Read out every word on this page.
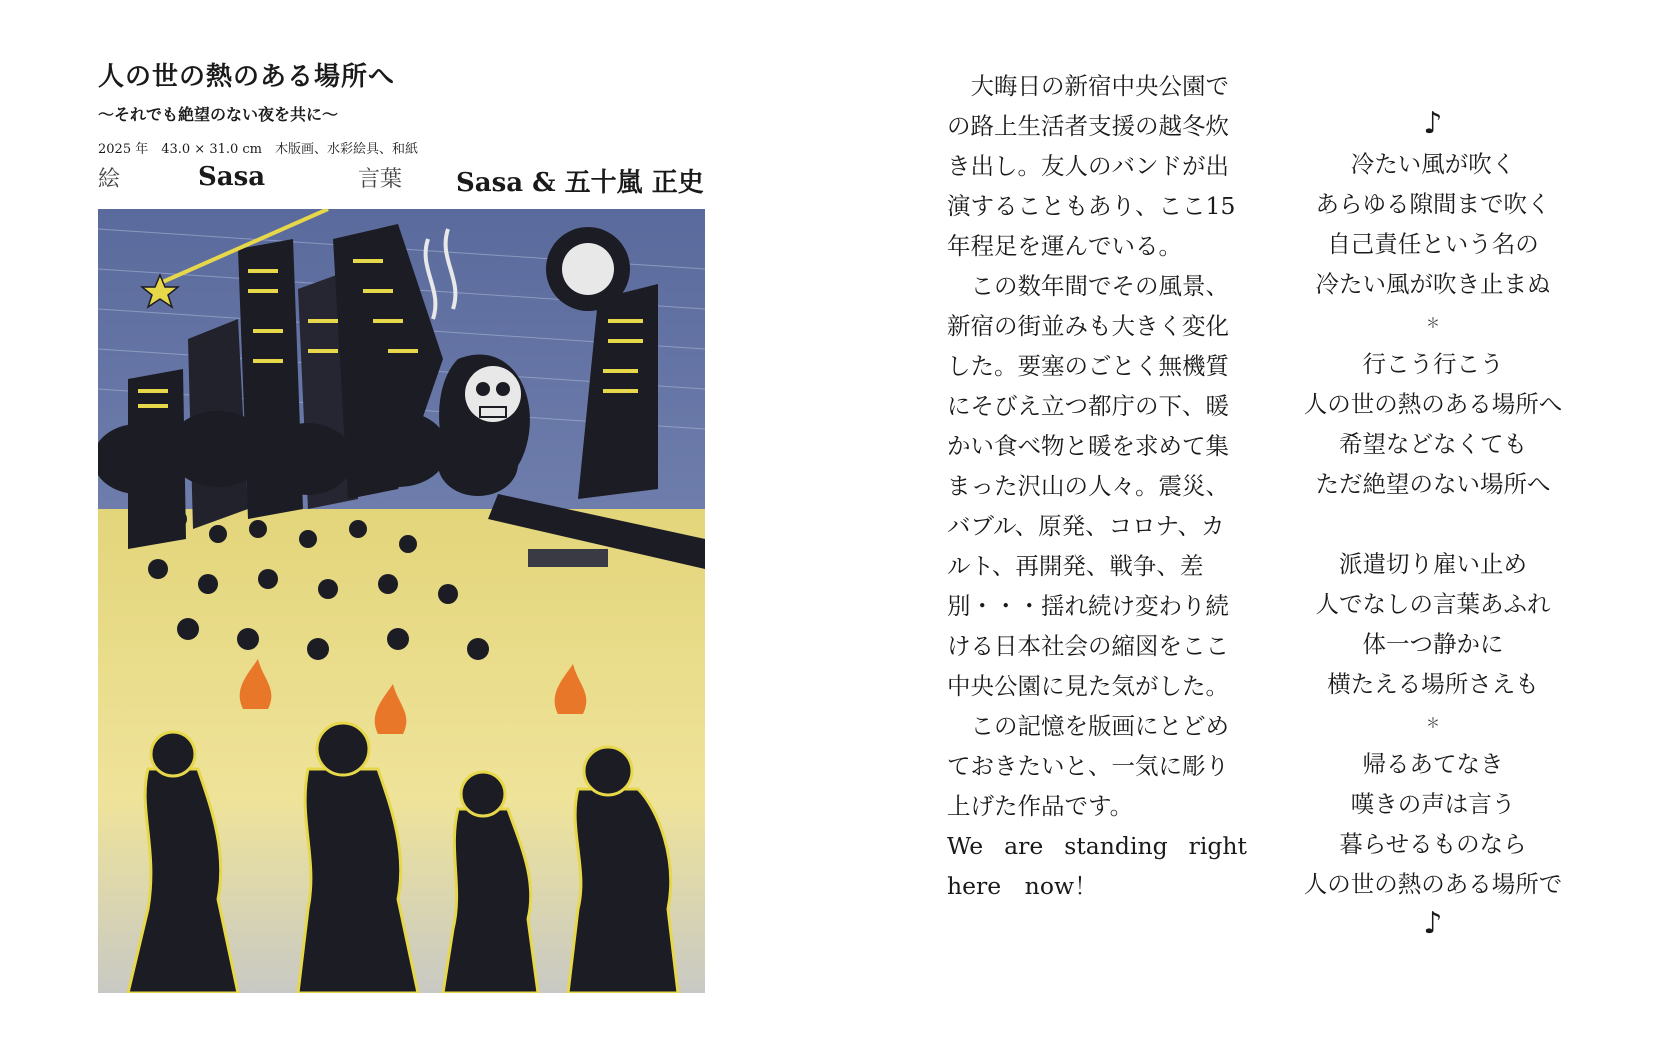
人の世の熱のある場所へ
～それでも絶望のない夜を共に～
2025 年　43.0 × 31.0 cm　木版画、水彩絵具、和紙
絵	Sasa	言葉 Sasa & 五十嵐 正史

大晦日の新宿中央公園での路上生活者支援の越冬炊き出し。友人のバンドが出演することもあり、ここ15年程足を運んでいる。

この数年間でその風景、新宿の街並みも大きく変化した。要塞のごとく無機質にそびえ立つ都庁の下、暖かい食べ物と暖を求めて集まった沢山の人々。震災、バブル、原発、コロナ、カルト、再開発、戦争、差別・・・揺れ続け変わり続ける日本社会の縮図をここ中央公園に見た気がした。

この記憶を版画にとどめておきたいと、一気に彫り上げた作品です。

We are standing right
here　now！
♪
冷たい風が吹く
あらゆる隙間まで吹く
自己責任という名の
冷たい風が吹き止まぬ
＊
行こう行こう
人の世の熱のある場所へ
希望などなくても
ただ絶望のない場所へ
派遣切り雇い止め
人でなしの言葉あふれ
体一つ静かに
横たえる場所さえも
＊
帰るあてなき
嘆きの声は言う
暮らせるものなら
人の世の熱のある場所で
♪
